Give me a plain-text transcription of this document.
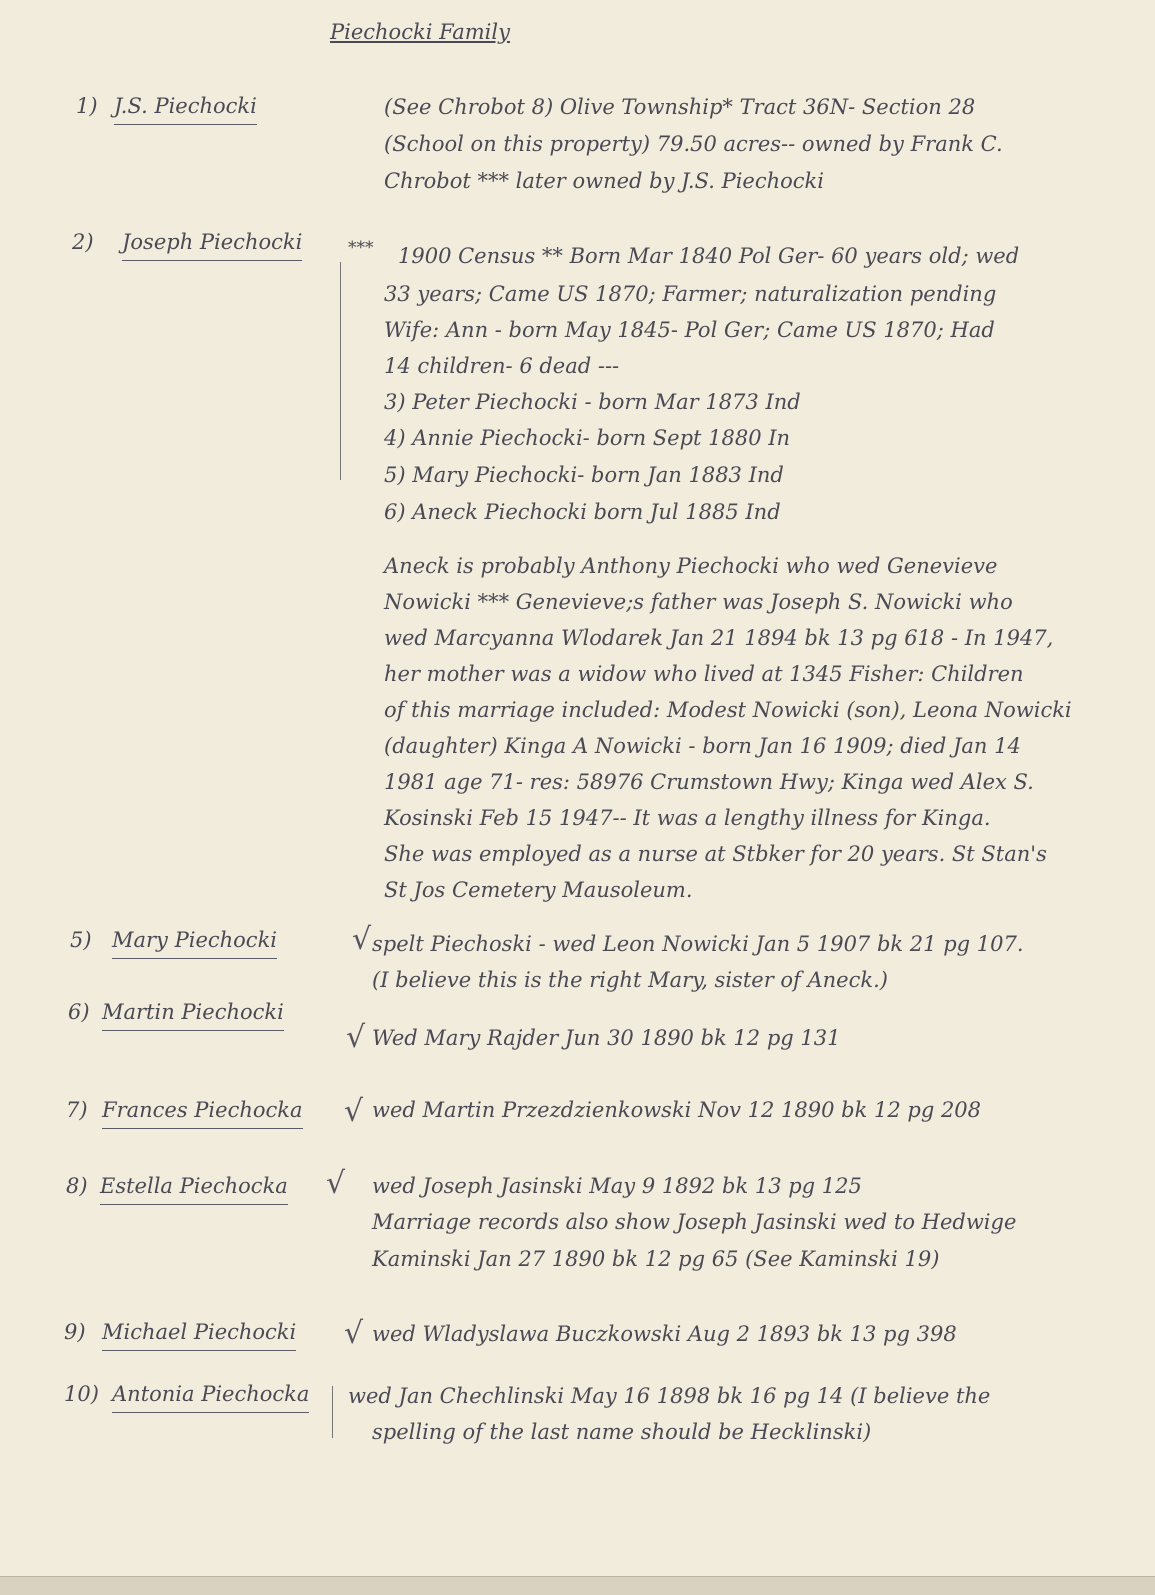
Piechocki Family
1) J.S. Piechocki	(See Chrobot 8) Olive Township* Tract 36N- Section 28
(School on this property) 79.50 acres-- owned by Frank C.
Chrobot *** later owned by J.S. Piechocki
2) Joseph Piechocki	*** 1900 Census ** Born Mar 1840 Pol Ger- 60 years old; wed
33 years; Came US 1870; Farmer; naturalization pending
Wife: Ann - born May 1845- Pol Ger; Came US 1870; Had
14 children- 6 dead ---
3) Peter Piechocki - born Mar 1873 Ind
4) Annie Piechocki- born Sept 1880 In
5) Mary Piechocki- born Jan 1883 Ind
6) Aneck Piechocki born Jul 1885 Ind
Aneck is probably Anthony Piechocki who wed Genevieve
Nowicki *** Genevieve;s father was Joseph S. Nowicki who
wed Marcyanna Wlodarek Jan 21 1894 bk 13 pg 618 - In 1947,
her mother was a widow who lived at 1345 Fisher: Children
of this marriage included: Modest Nowicki (son), Leona Nowicki
(daughter) Kinga A Nowicki - born Jan 16 1909; died Jan 14
1981 age 71- res: 58976 Crumstown Hwy; Kinga wed Alex S.
Kosinski Feb 15 1947-- It was a lengthy illness for Kinga.
She was employed as a nurse at Stbker for 20 years. St Stan's
St Jos Cemetery Mausoleum.
5) Mary Piechocki √ spelt Piechoski - wed Leon Nowicki Jan 5 1907 bk 21 pg 107.
(I believe this is the right Mary, sister of Aneck.)
6) Martin Piechocki
√ Wed Mary Rajder Jun 30 1890 bk 12 pg 131
7) Frances Piechocka √ wed Martin Przezdzienkowski Nov 12 1890 bk 12 pg 208
8) Estella Piechocka √ wed Joseph Jasinski May 9 1892 bk 13 pg 125
Marriage records also show Joseph Jasinski wed to Hedwige
Kaminski Jan 27 1890 bk 12 pg 65 (See Kaminski 19)
9) Michael Piechocki √ wed Wladyslawa Buczkowski Aug 2 1893 bk 13 pg 398
10) Antonia Piechocka wed Jan Chechlinski May 16 1898 bk 16 pg 14 (I believe the
spelling of the last name should be Hecklinski)
